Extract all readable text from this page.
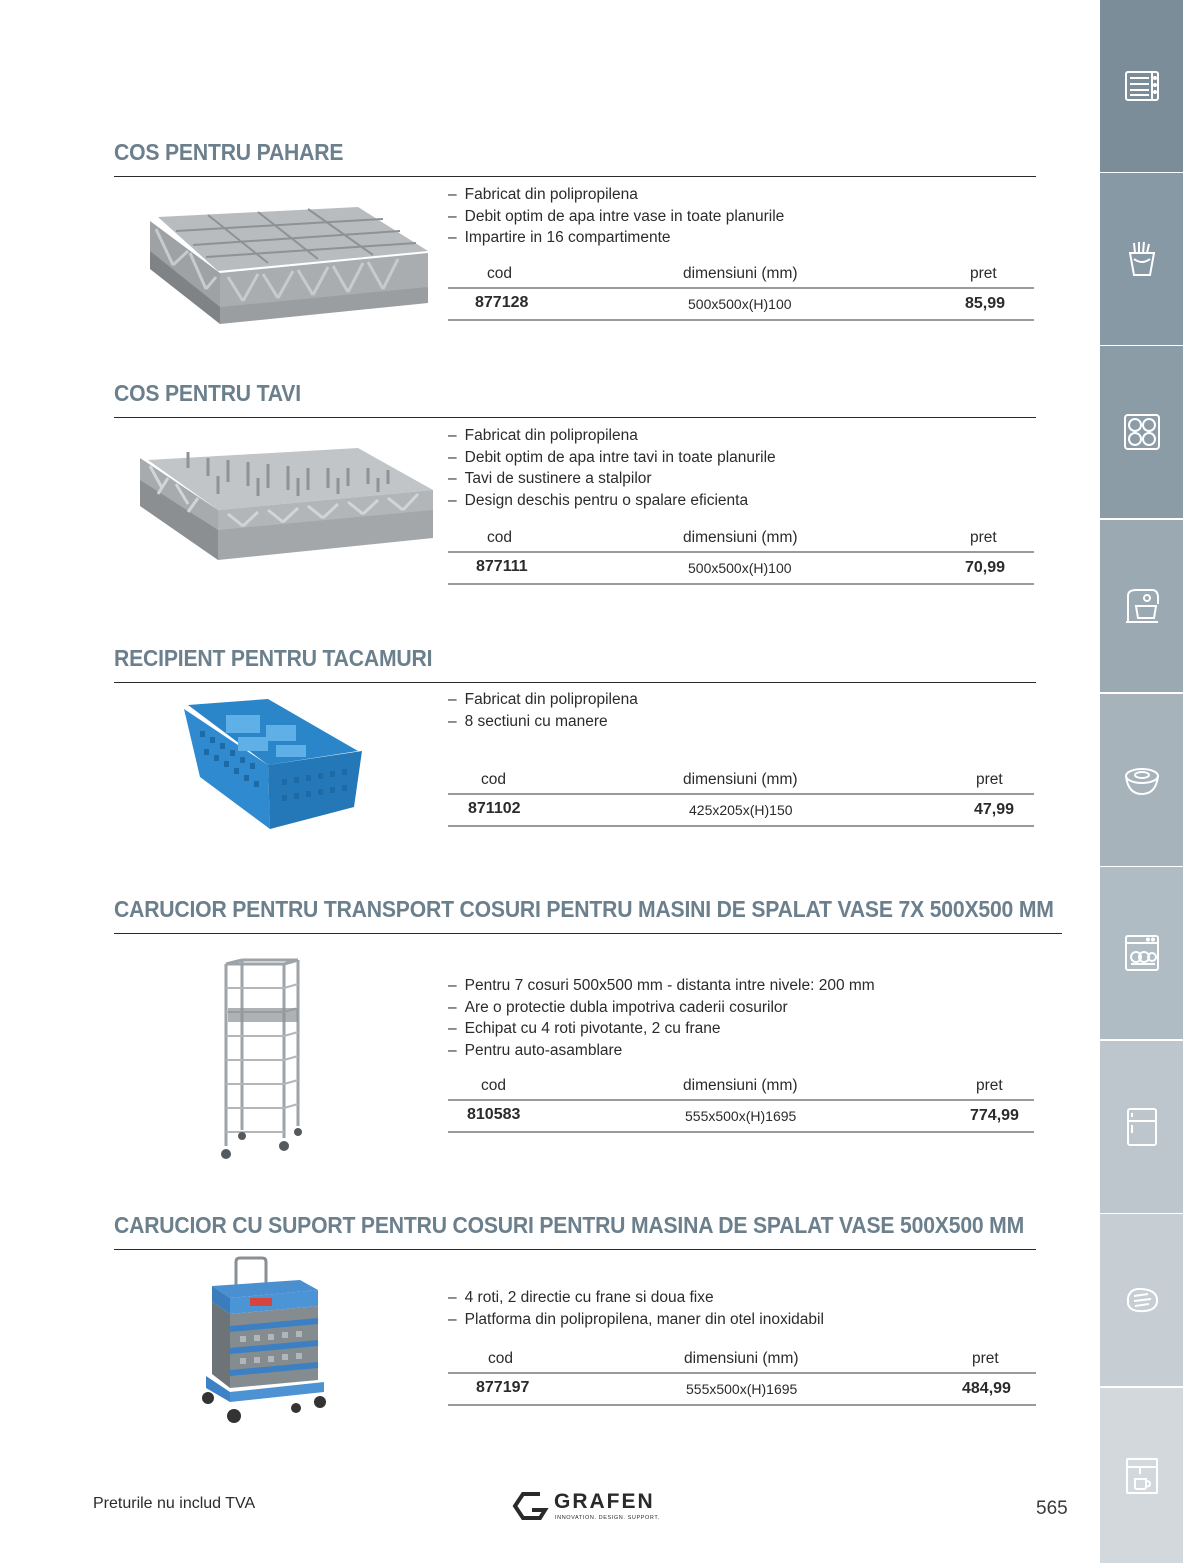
COS PENTRU PAHARE
– Fabricat din polipropilena
– Debit optim de apa intre vase in toate planurile
– Impartire in 16 compartimente
cod	dimensiuni (mm)	pret
877128	500x500x(H)100	85,99
COS PENTRU TAVI
– Fabricat din polipropilena
– Debit optim de apa intre tavi in toate planurile
– Tavi de sustinere a stalpilor
– Design deschis pentru o spalare eficienta
cod	dimensiuni (mm)	pret
877111	500x500x(H)100	70,99
RECIPIENT PENTRU TACAMURI
– Fabricat din polipropilena
– 8 sectiuni cu manere
cod	dimensiuni (mm)	pret
871102	425x205x(H)150	47,99
CARUCIOR PENTRU TRANSPORT COSURI PENTRU MASINI DE SPALAT VASE 7X 500X500 MM
– Pentru 7 cosuri 500x500 mm - distanta intre nivele: 200 mm
– Are o protectie dubla impotriva caderii cosurilor
– Echipat cu 4 roti pivotante, 2 cu frane
– Pentru auto-asamblare
cod	dimensiuni (mm)	pret
810583	555x500x(H)1695	774,99
CARUCIOR CU SUPORT PENTRU COSURI PENTRU MASINA DE SPALAT VASE 500X500 MM
– 4 roti, 2 directie cu frane si doua fixe
– Platforma din polipropilena, maner din otel inoxidabil
cod	dimensiuni (mm)	pret
877197	555x500x(H)1695	484,99
Preturile nu includ TVA	GRAFEN
INNOVATION. DESIGN. SUPPORT.	565
